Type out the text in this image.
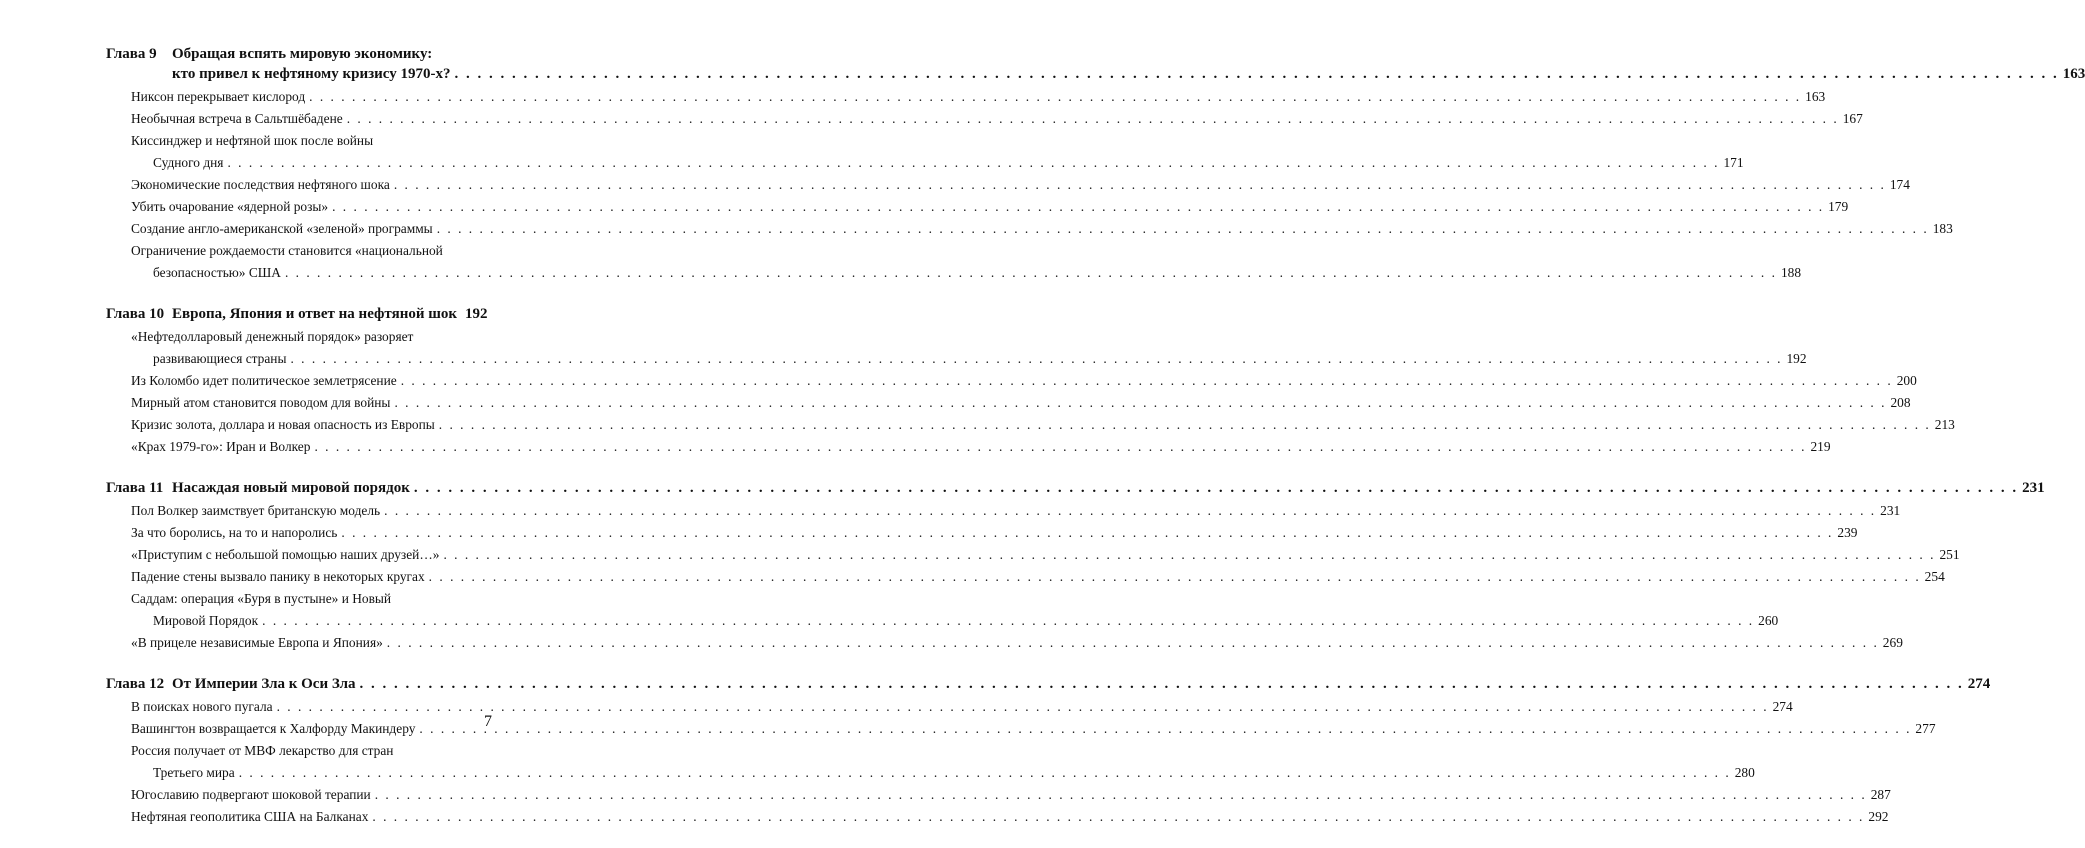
Глава 9	Обращая вспять мировую экономику:
кто привел к нефтяному кризису 1970-х? . . .	163
Никсон перекрывает кислород . . .	163
Необычная встреча в Сальтшёбадене . . .	167
Киссинджер и нефтяной шок после войны
Судного дня . . .	171
Экономические последствия нефтяного шока . . .	174
Убить очарование «ядерной розы» . . .	179
Создание англо-американской «зеленой» программы . . .	183
Ограничение рождаемости становится «национальной
безопасностью» США . . .	188
Глава 10 Европа, Япония и ответ на нефтяной шок 192
«Нефтедолларовый денежный порядок» разоряет
развивающиеся страны . . .	192
Из Коломбо идет политическое землетрясение . . .	200
Мирный атом становится поводом для войны . . .	208
Кризис золота, доллара и новая опасность из Европы . . .	213
«Крах 1979-го»: Иран и Волкер . . .	219
Глава 11 Насаждая новый мировой порядок . . .	231
Пол Волкер заимствует британскую модель . . .	231
За что боролись, на то и напоролись . . .	239
«Приступим с небольшой помощью наших друзей…» . . .	251
Падение стены вызвало панику в некоторых кругах . . .	254
Саддам: операция «Буря в пустыне» и Новый
Мировой Порядок . . .	260
«В прицеле независимые Европа и Япония» . . .	269
Глава 12 От Империи Зла к Оси Зла . . .	274
В поисках нового пугала . . .	274
Вашингтон возвращается к Халфорду Макиндеру . . .	277
Россия получает от МВФ лекарство для стран
Третьего мира . . .	280
Югославию подвергают шоковой терапии . . .	287
Нефтяная геополитика США на Балканах . . .	292
7
